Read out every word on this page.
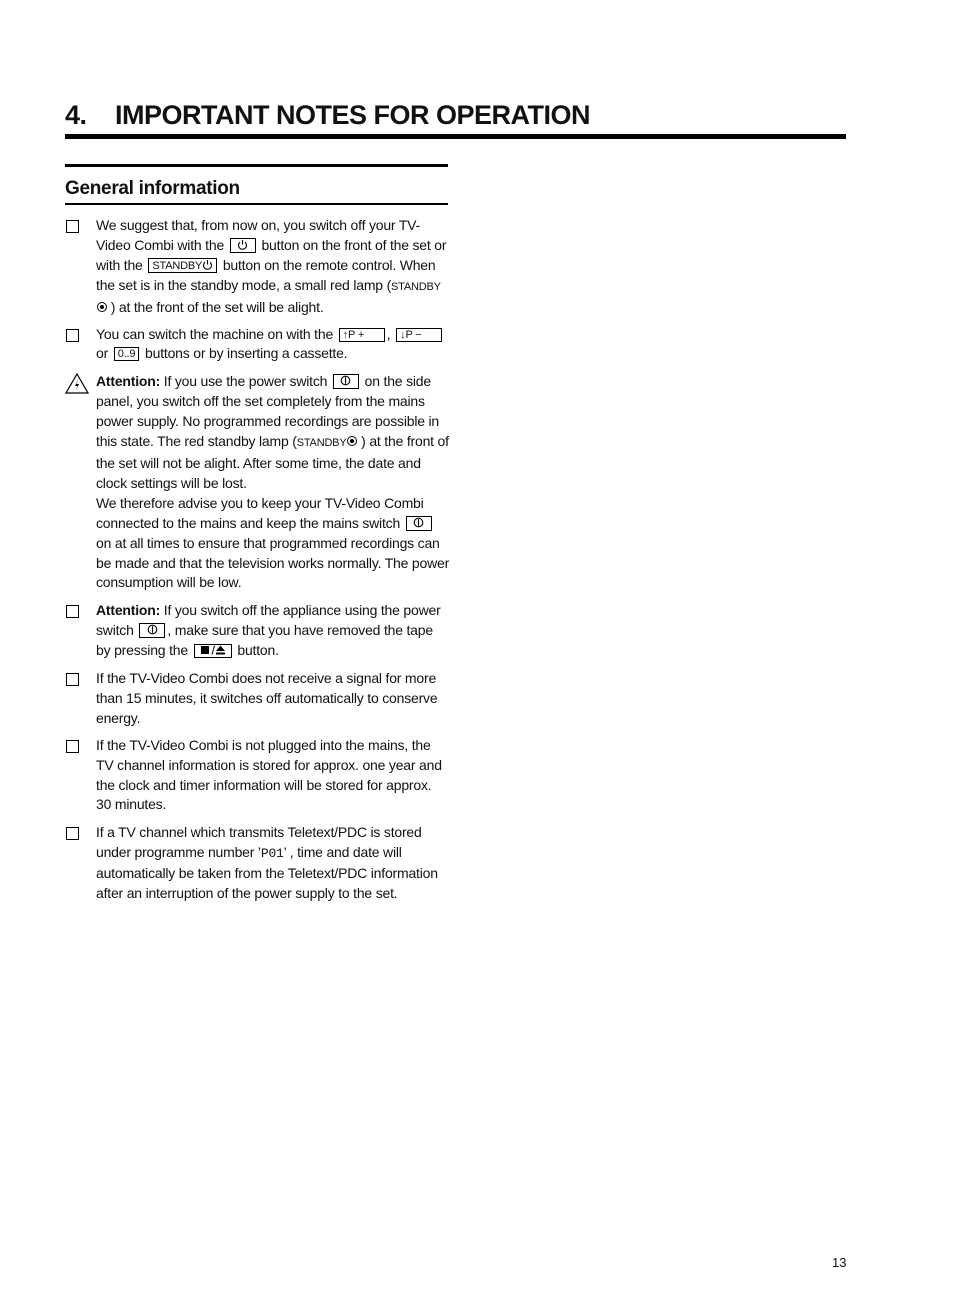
4.	IMPORTANT NOTES FOR OPERATION
General information

We suggest that, from now on, you switch off your TV-Video Combi with the	button on the front of the set or with the STANDBY button on the remote control. When the set is in the standby mode, a small red lamp (STANDBY ) at the front of the set will be alight.

You can switch the machine on with the ↑P + , ↓P − or 0..9 buttons or by inserting a cassette.

Attention: If you use the power switch	on the side panel, you switch off the set completely from the mains power supply. No programmed recordings are possible in this state. The red standby lamp (STANDBY ) at the front of the set will not be alight. After some time, the date and clock settings will be lost.

We therefore advise you to keep your TV-Video Combi connected to the mains and keep the mains switch  on at all times to ensure that programmed recordings can be made and that the television works normally. The power consumption will be low.

Attention: If you switch off the appliance using the power switch , make sure that you have removed the tape by pressing the	button.

If the TV-Video Combi does not receive a signal for more than 15 minutes, it switches off automatically to conserve energy.

If the TV-Video Combi is not plugged into the mains, the TV channel information is stored for approx. one year and the clock and timer information will be stored for approx. 30 minutes.

If a TV channel which transmits Teletext/PDC is stored under programme number ’P01’ , time and date will automatically be taken from the Teletext/PDC information after an interruption of the power supply to the set.

13
